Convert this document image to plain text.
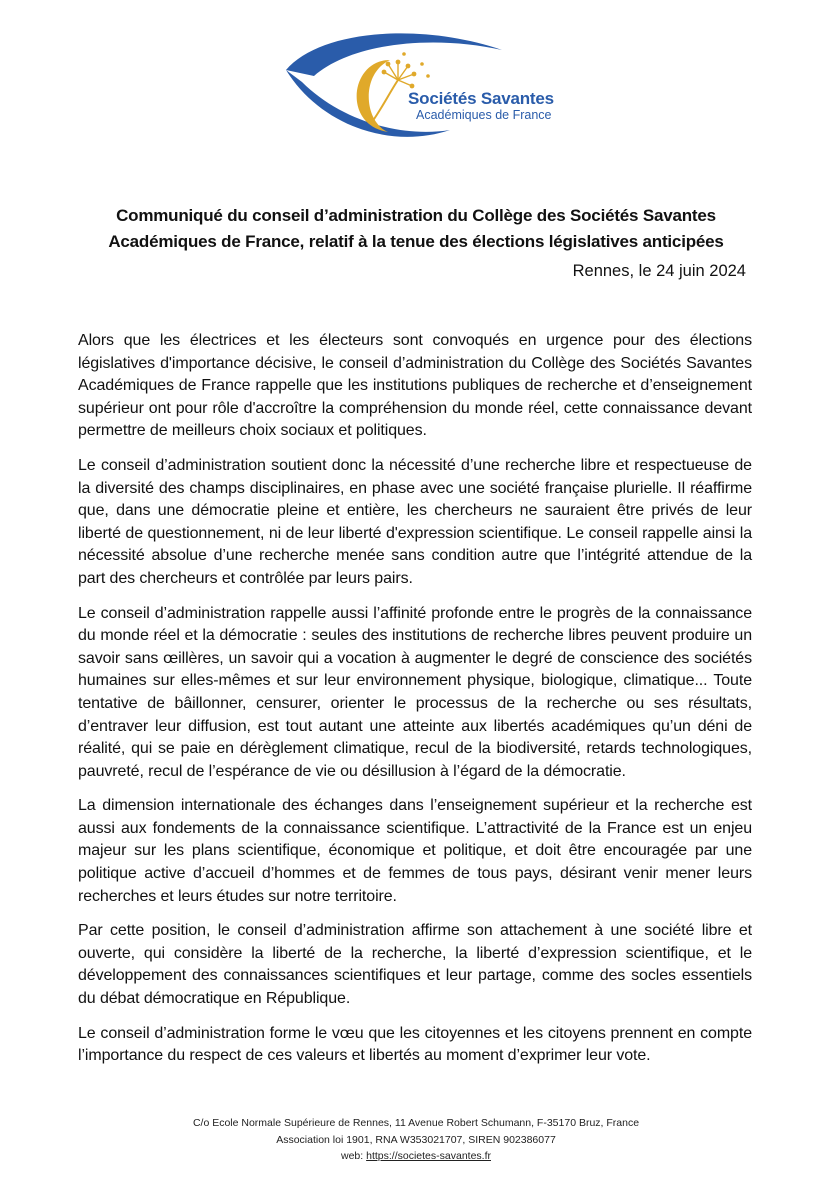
Sociétés Savantes
Académiques de France
Communiqué du conseil d’administration du Collège des Sociétés Savantes Académiques de France, relatif à la tenue des élections législatives anticipées
Rennes, le 24 juin 2024

Alors que les électrices et les électeurs sont convoqués en urgence pour des élections législatives d'importance décisive, le conseil d’administration du Collège des Sociétés Savantes Académiques de France rappelle que les institutions publiques de recherche et d’enseignement supérieur ont pour rôle d'accroître la compréhension du monde réel, cette connaissance devant permettre de meilleurs choix sociaux et politiques.

Le conseil d’administration soutient donc la nécessité d’une recherche libre et respectueuse de la diversité des champs disciplinaires, en phase avec une société française plurielle. Il réaffirme que, dans une démocratie pleine et entière, les chercheurs ne sauraient être privés de leur liberté de questionnement, ni de leur liberté d'expression scientifique. Le conseil rappelle ainsi la nécessité absolue d’une recherche menée sans condition autre que l’intégrité attendue de la part des chercheurs et contrôlée par leurs pairs.

Le conseil d’administration rappelle aussi l’affinité profonde entre le progrès de la connaissance du monde réel et la démocratie : seules des institutions de recherche libres peuvent produire un savoir sans œillères, un savoir qui a vocation à augmenter le degré de conscience des sociétés humaines sur elles-mêmes et sur leur environnement physique, biologique, climatique... Toute tentative de bâillonner, censurer, orienter le processus de la recherche ou ses résultats, d’entraver leur diffusion, est tout autant une atteinte aux libertés académiques qu’un déni de réalité, qui se paie en dérèglement climatique, recul de la biodiversité, retards technologiques, pauvreté, recul de l’espérance de vie ou désillusion à l’égard de la démocratie.

La dimension internationale des échanges dans l’enseignement supérieur et la recherche est aussi aux fondements de la connaissance scientifique. L’attractivité de la France est un enjeu majeur sur les plans scientifique, économique et politique, et doit être encouragée par une politique active d’accueil d’hommes et de femmes de tous pays, désirant venir mener leurs recherches et leurs études sur notre territoire.

Par cette position, le conseil d’administration affirme son attachement à une société libre et ouverte, qui considère la liberté de la recherche, la liberté d’expression scientifique, et le développement des connaissances scientifiques et leur partage, comme des socles essentiels du débat démocratique en République.

Le conseil d’administration forme le vœu que les citoyennes et les citoyens prennent en compte l’importance du respect de ces valeurs et libertés au moment d’exprimer leur vote.

C/o Ecole Normale Supérieure de Rennes, 11 Avenue Robert Schumann, F-35170 Bruz, France
Association loi 1901, RNA W353021707, SIREN 902386077
web: https://societes-savantes.fr
